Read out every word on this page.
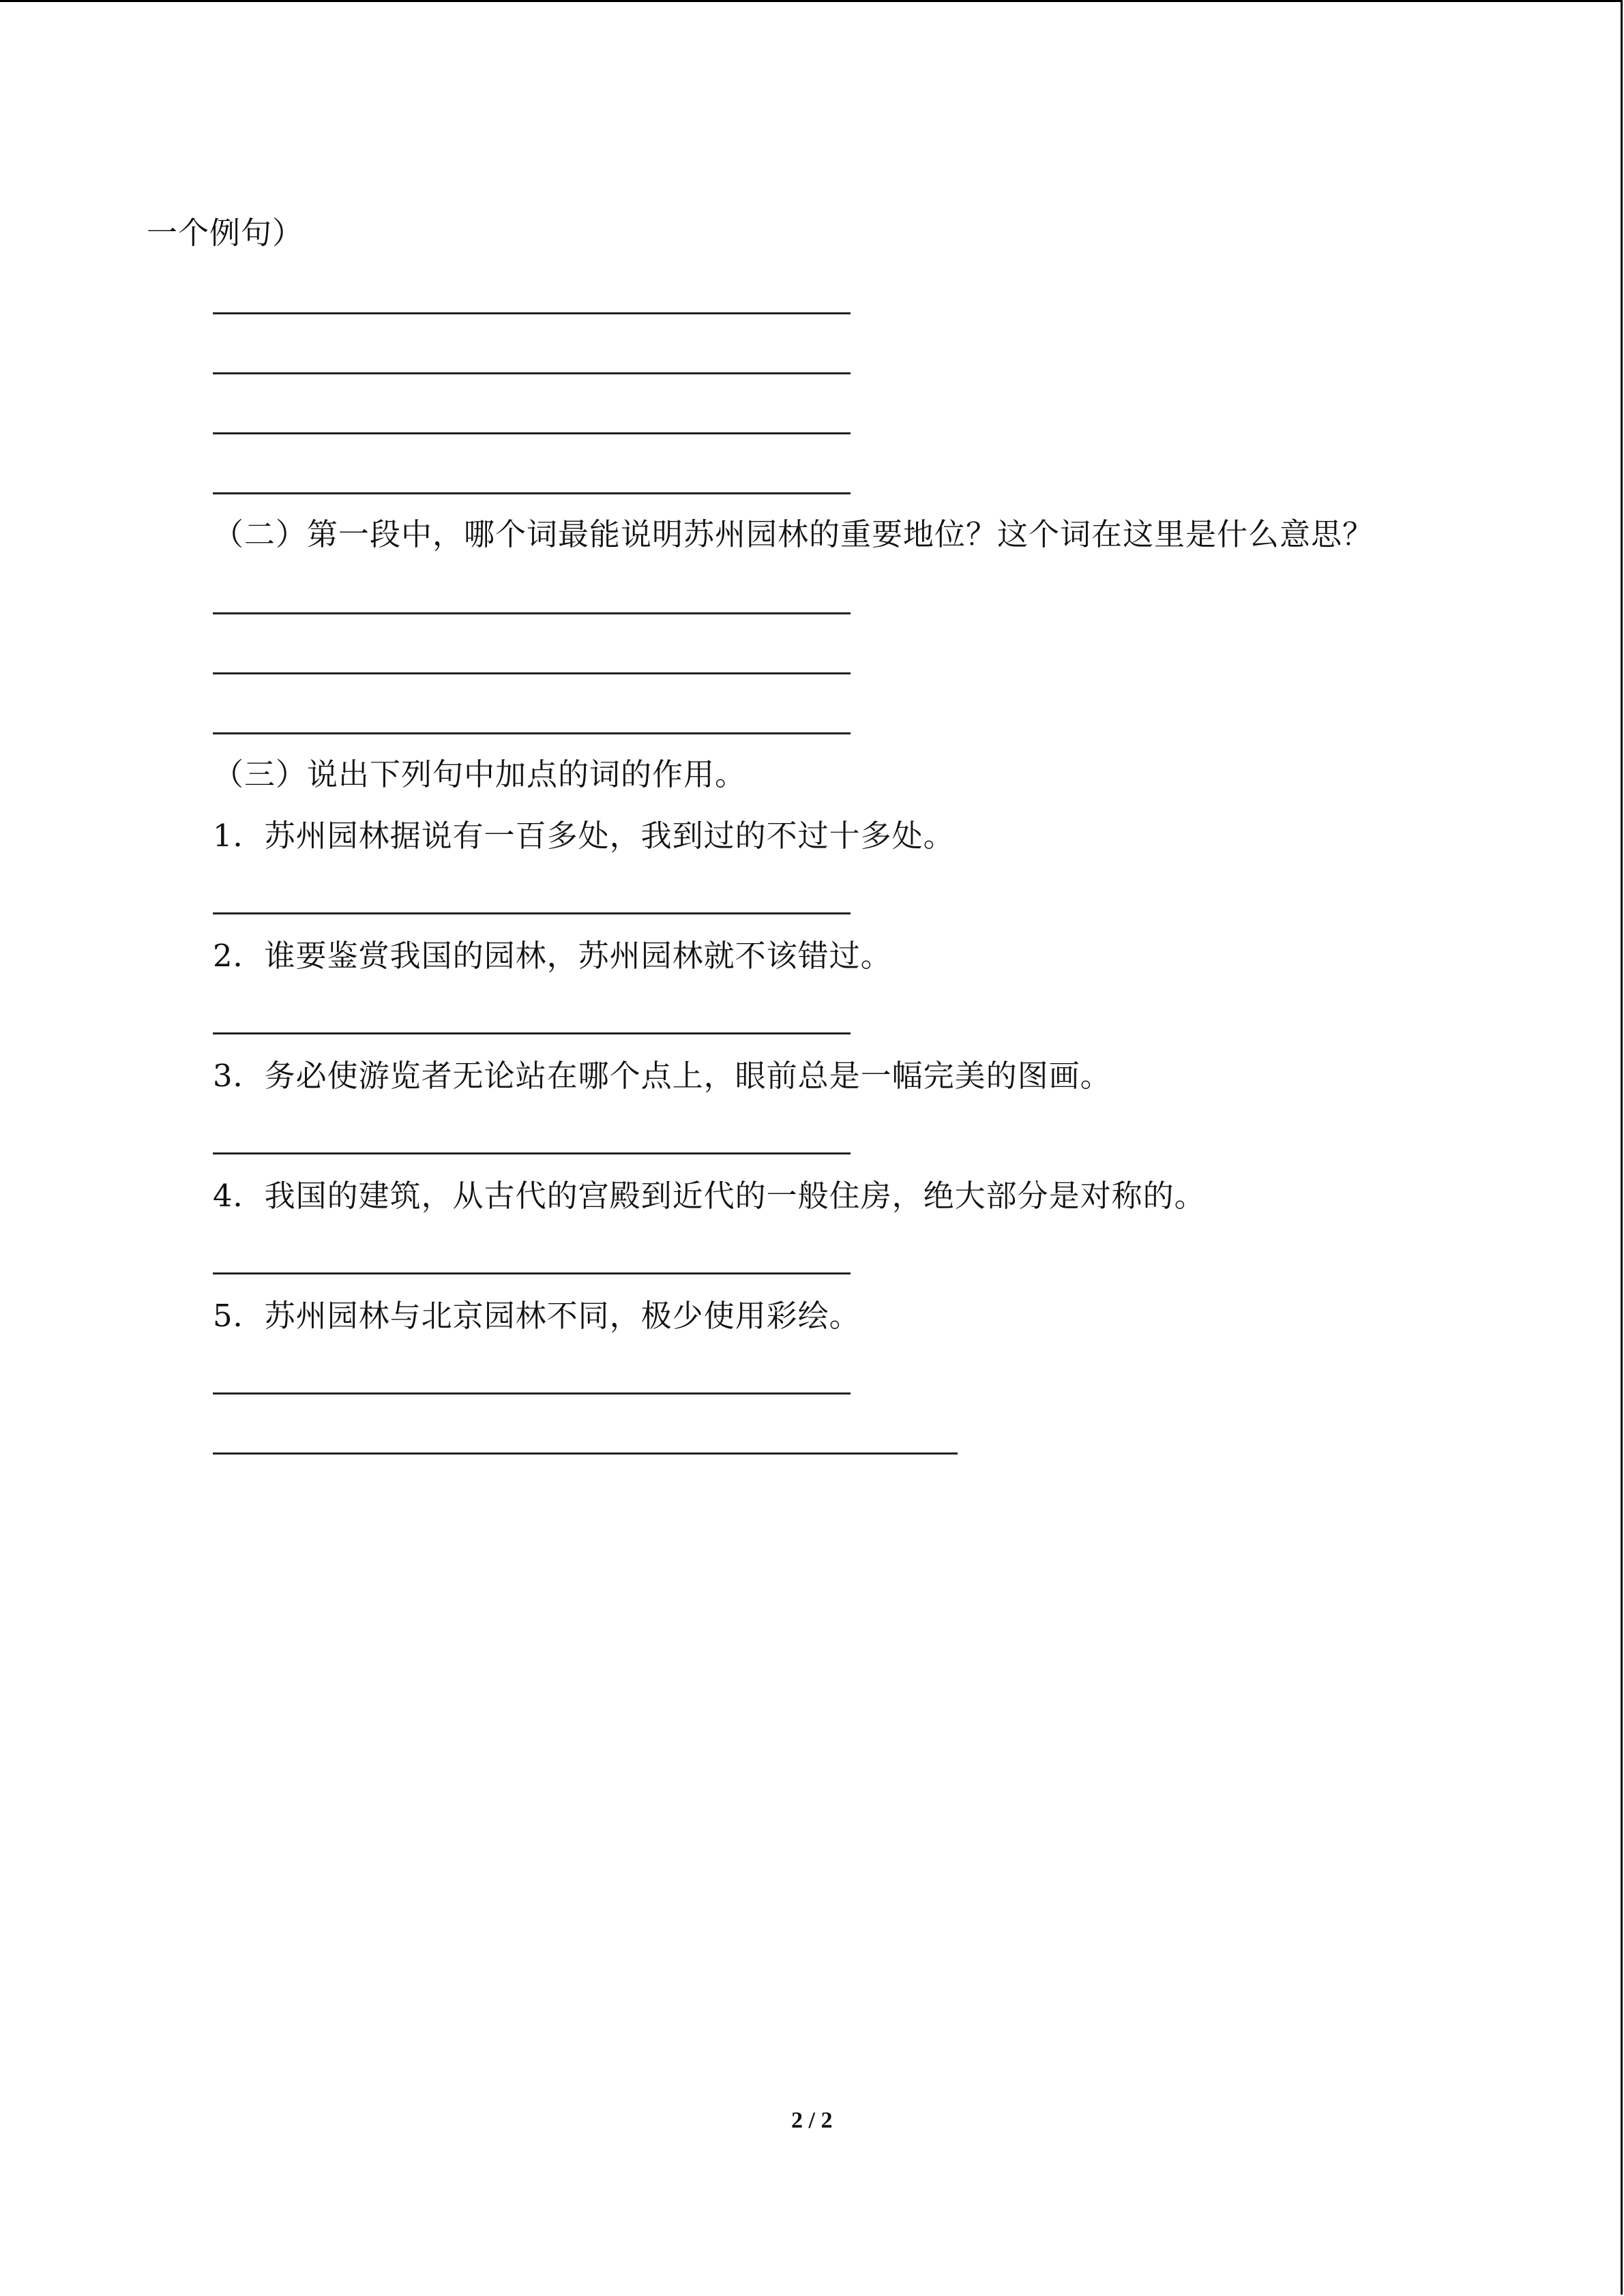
一个例句）
（二）第一段中，哪个词最能说明苏州园林的重要地位？这个词在这里是什么意思？
（三）说出下列句中加点的词的作用。
1．苏州园林据说有一百多处，我到过的不过十多处。
2．谁要鉴赏我国的园林，苏州园林就不该错过。
3．务必使游览者无论站在哪个点上，眼前总是一幅完美的图画。
4．我国的建筑，从古代的宫殿到近代的一般住房，绝大部分是对称的。
5．苏州园林与北京园林不同，极少使用彩绘。
2 / 2
